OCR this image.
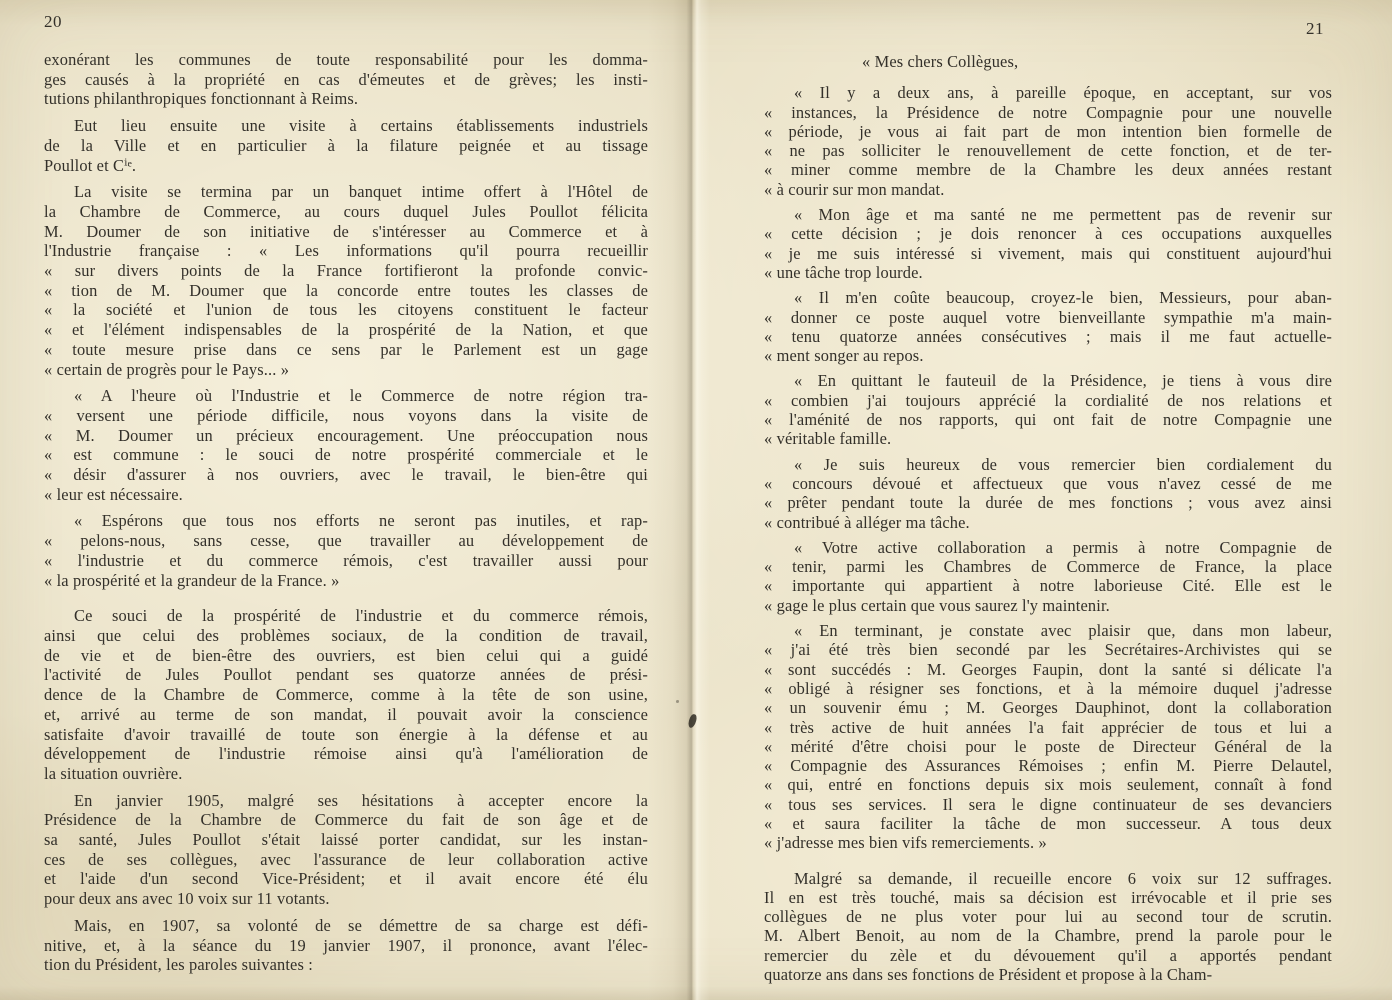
20	21
exonérant les communes de toute responsabilité pour les domma-
ges causés à la propriété en cas d'émeutes et de grèves; les insti-
tutions philanthropiques fonctionnant à Reims.
Eut lieu ensuite une visite à certains établissements industriels
de la Ville et en particulier à la filature peignée et au tissage
Poullot et Cⁱᵉ.
La visite se termina par un banquet intime offert à l'Hôtel de
la Chambre de Commerce, au cours duquel Jules Poullot félicita
M. Doumer de son initiative de s'intéresser au Commerce et à
l'Industrie française : « Les informations qu'il pourra recueillir
« sur divers points de la France fortifieront la profonde convic-
« tion de M. Doumer que la concorde entre toutes les classes de
« la société et l'union de tous les citoyens constituent le facteur
« et l'élément indispensables de la prospérité de la Nation, et que
« toute mesure prise dans ce sens par le Parlement est un gage
« certain de progrès pour le Pays... »
« A l'heure où l'Industrie et le Commerce de notre région tra-
« versent une période difficile, nous voyons dans la visite de
« M. Doumer un précieux encouragement. Une préoccupation nous
« est commune : le souci de notre prospérité commerciale et le
« désir d'assurer à nos ouvriers, avec le travail, le bien-être qui
« leur est nécessaire.
« Espérons que tous nos efforts ne seront pas inutiles, et rap-
« pelons-nous, sans cesse, que travailler au développement de
« l'industrie et du commerce rémois, c'est travailler aussi pour
« la prospérité et la grandeur de la France. »
Ce souci de la prospérité de l'industrie et du commerce rémois,
ainsi que celui des problèmes sociaux, de la condition de travail,
de vie et de bien-être des ouvriers, est bien celui qui a guidé
l'activité de Jules Poullot pendant ses quatorze années de prési-
dence de la Chambre de Commerce, comme à la tête de son usine,
et, arrivé au terme de son mandat, il pouvait avoir la conscience
satisfaite d'avoir travaillé de toute son énergie à la défense et au
développement de l'industrie rémoise ainsi qu'à l'amélioration de
la situation ouvrière.
En janvier 1905, malgré ses hésitations à accepter encore la
Présidence de la Chambre de Commerce du fait de son âge et de
sa santé, Jules Poullot s'était laissé porter candidat, sur les instan-
ces de ses collègues, avec l'assurance de leur collaboration active
et l'aide d'un second Vice-Président; et il avait encore été élu
pour deux ans avec 10 voix sur 11 votants.
Mais, en 1907, sa volonté de se démettre de sa charge est défi-
nitive, et, à la séance du 19 janvier 1907, il prononce, avant l'élec-
tion du Président, les paroles suivantes :
« Mes chers Collègues,
« Il y a deux ans, à pareille époque, en acceptant, sur vos
« instances, la Présidence de notre Compagnie pour une nouvelle
« période, je vous ai fait part de mon intention bien formelle de
« ne pas solliciter le renouvellement de cette fonction, et de ter-
« miner comme membre de la Chambre les deux années restant
« à courir sur mon mandat.
« Mon âge et ma santé ne me permettent pas de revenir sur
« cette décision ; je dois renoncer à ces occupations auxquelles
« je me suis intéressé si vivement, mais qui constituent aujourd'hui
« une tâche trop lourde.
« Il m'en coûte beaucoup, croyez-le bien, Messieurs, pour aban-
« donner ce poste auquel votre bienveillante sympathie m'a main-
« tenu quatorze années consécutives ; mais il me faut actuelle-
« ment songer au repos.
« En quittant le fauteuil de la Présidence, je tiens à vous dire
« combien j'ai toujours apprécié la cordialité de nos relations et
« l'aménité de nos rapports, qui ont fait de notre Compagnie une
« véritable famille.
« Je suis heureux de vous remercier bien cordialement du
« concours dévoué et affectueux que vous n'avez cessé de me
« prêter pendant toute la durée de mes fonctions ; vous avez ainsi
« contribué à alléger ma tâche.
« Votre active collaboration a permis à notre Compagnie de
« tenir, parmi les Chambres de Commerce de France, la place
« importante qui appartient à notre laborieuse Cité. Elle est le
« gage le plus certain que vous saurez l'y maintenir.
« En terminant, je constate avec plaisir que, dans mon labeur,
« j'ai été très bien secondé par les Secrétaires-Archivistes qui se
« sont succédés : M. Georges Faupin, dont la santé si délicate l'a
« obligé à résigner ses fonctions, et à la mémoire duquel j'adresse
« un souvenir ému ; M. Georges Dauphinot, dont la collaboration
« très active de huit années l'a fait apprécier de tous et lui a
« mérité d'être choisi pour le poste de Directeur Général de la
« Compagnie des Assurances Rémoises ; enfin M. Pierre Delautel,
« qui, entré en fonctions depuis six mois seulement, connaît à fond
« tous ses services. Il sera le digne continuateur de ses devanciers
« et saura faciliter la tâche de mon successeur. A tous deux
« j'adresse mes bien vifs remerciements. »
Malgré sa demande, il recueille encore 6 voix sur 12 suffrages.
Il en est très touché, mais sa décision est irrévocable et il prie ses
collègues de ne plus voter pour lui au second tour de scrutin.
M. Albert Benoit, au nom de la Chambre, prend la parole pour le
remercier du zèle et du dévouement qu'il a apportés pendant
quatorze ans dans ses fonctions de Président et propose à la Cham-
